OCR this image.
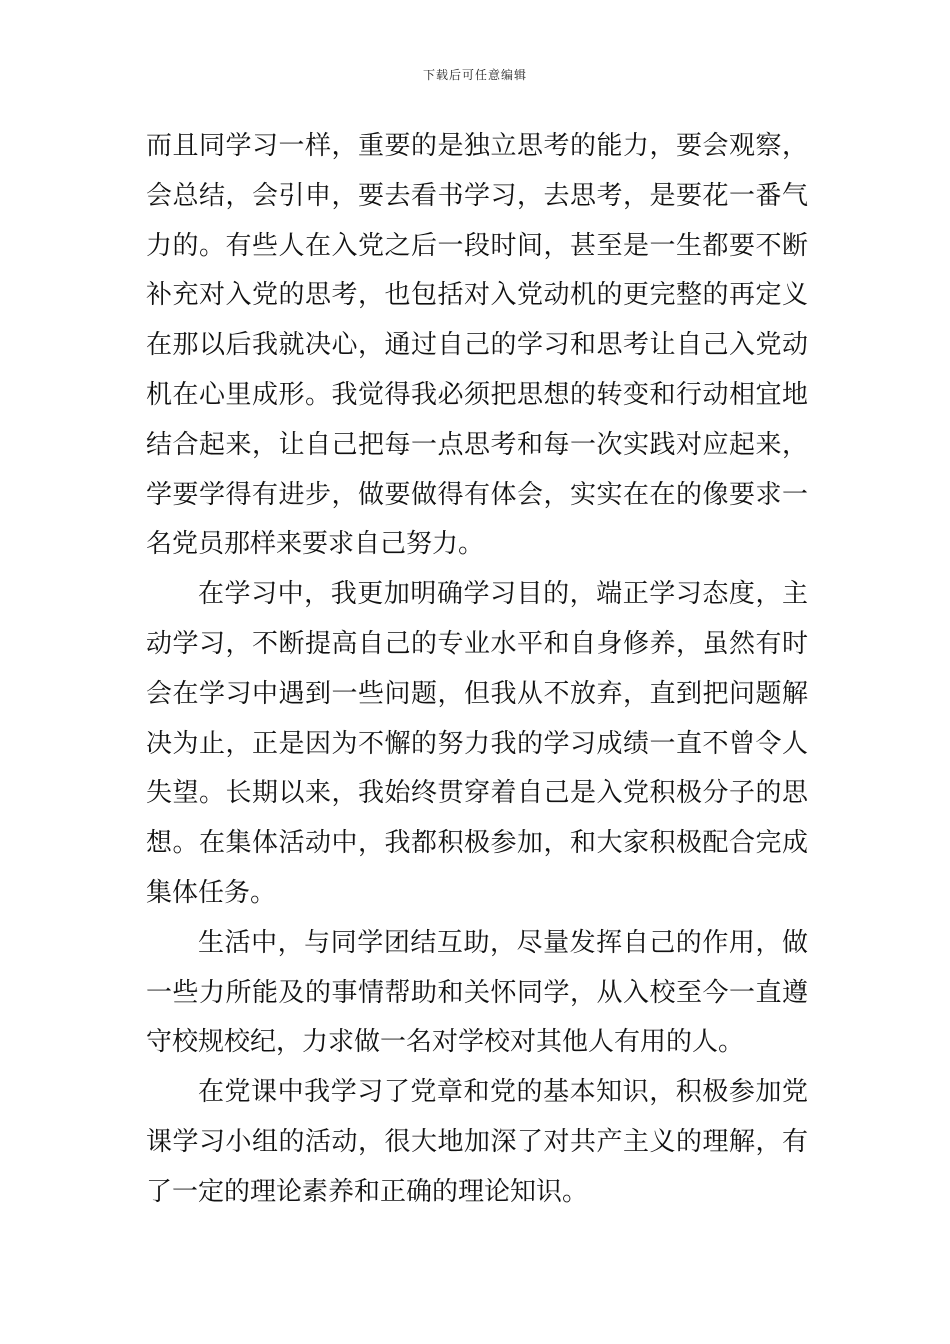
下载后可任意编辑
而且同学习一样，重要的是独立思考的能力，要会观察，
会总结，会引申，要去看书学习，去思考，是要花一番气
力的。有些人在入党之后一段时间，甚至是一生都要不断
补充对入党的思考，也包括对入党动机的更完整的再定义
在那以后我就决心，通过自己的学习和思考让自己入党动
机在心里成形。我觉得我必须把思想的转变和行动相宜地
结合起来，让自己把每一点思考和每一次实践对应起来，
学要学得有进步，做要做得有体会，实实在在的像要求一
名党员那样来要求自己努力。
在学习中，我更加明确学习目的，端正学习态度，主
动学习，不断提高自己的专业水平和自身修养，虽然有时
会在学习中遇到一些问题，但我从不放弃，直到把问题解
决为止，正是因为不懈的努力我的学习成绩一直不曾令人
失望。长期以来，我始终贯穿着自己是入党积极分子的思
想。在集体活动中，我都积极参加，和大家积极配合完成
集体任务。
生活中，与同学团结互助，尽量发挥自己的作用，做
一些力所能及的事情帮助和关怀同学，从入校至今一直遵
守校规校纪，力求做一名对学校对其他人有用的人。
在党课中我学习了党章和党的基本知识，积极参加党
课学习小组的活动，很大地加深了对共产主义的理解，有
了一定的理论素养和正确的理论知识。
